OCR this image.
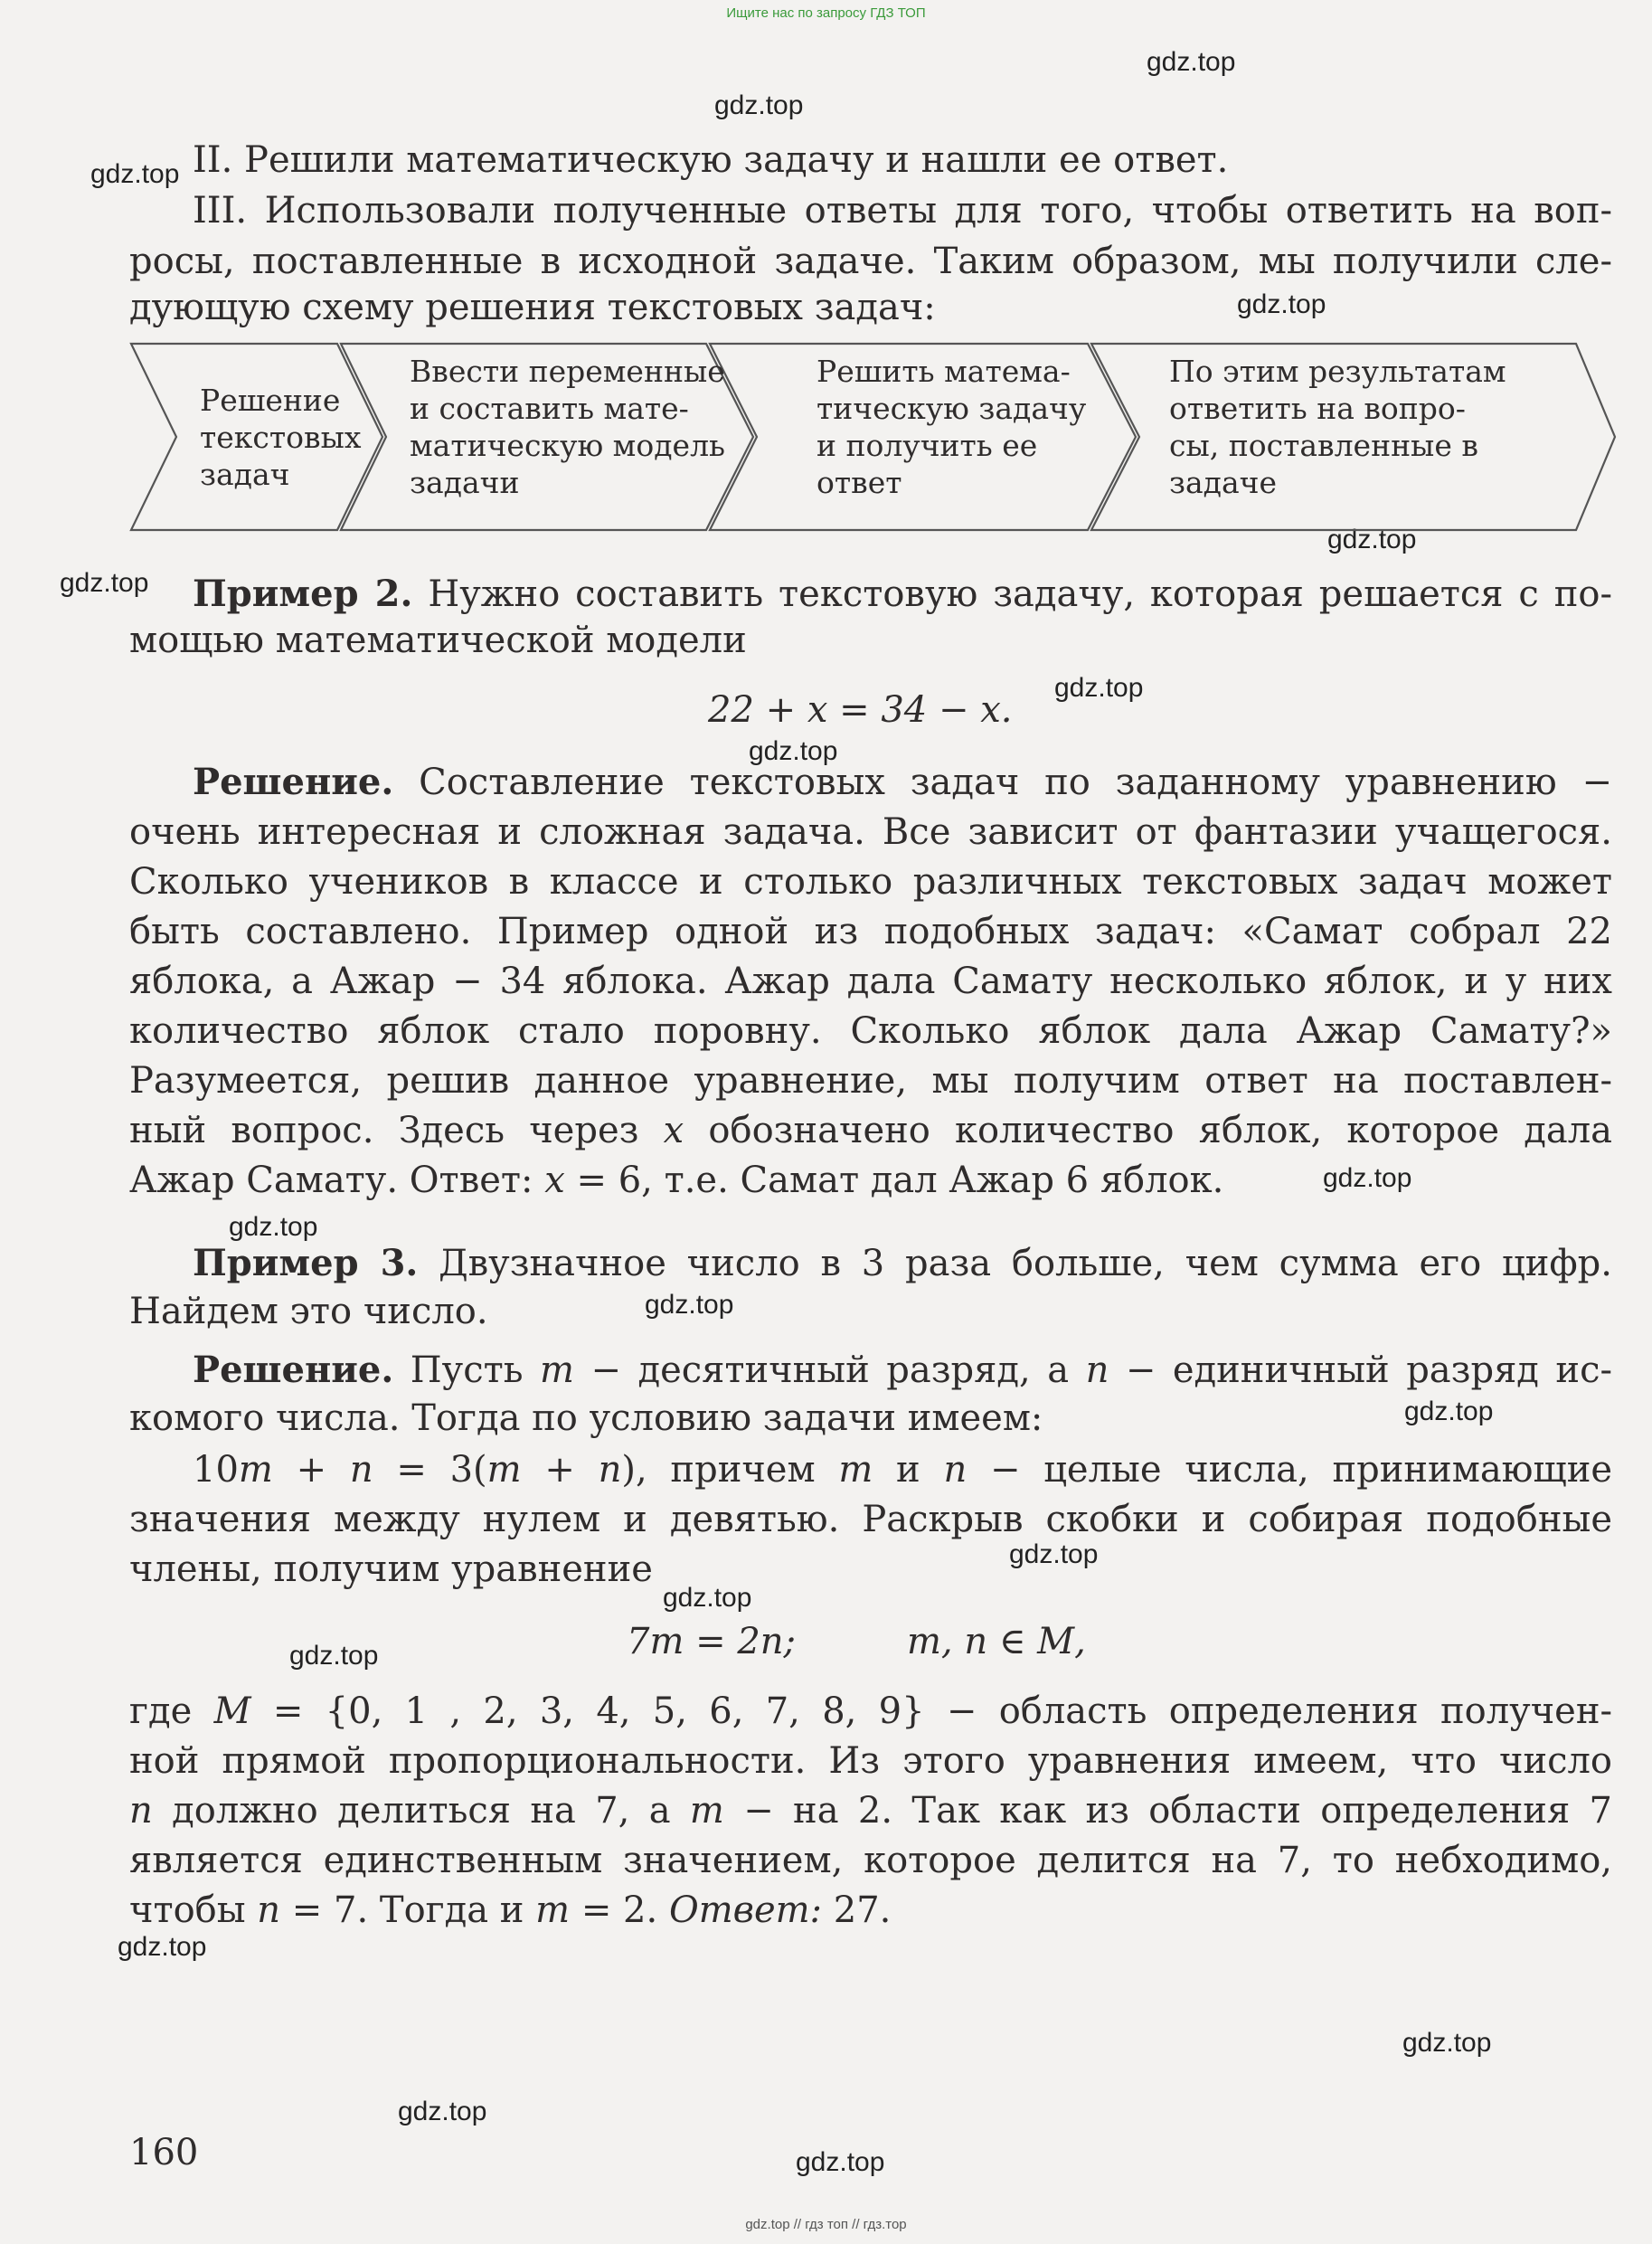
Ищите нас по запросу ГДЗ ТОП
gdz.top
gdz.top
gdz.top
gdz.top
gdz.top
gdz.top
gdz.top
gdz.top
gdz.top
gdz.top
gdz.top
gdz.top
gdz.top
gdz.top
gdz.top
gdz.top
gdz.top
gdz.top
gdz.top
II. Решили математическую задачу и нашли ее ответ.
III. Использовали полученные ответы для того, чтобы ответить на воп-
росы, поставленные в исходной задаче. Таким образом, мы получили сле-
дующую схему решения текстовых задач:
Решение
текстовых
задач
Ввести переменные
и составить мате-
матическую модель
задачи
Решить матема-
тическую задачу
и получить ее
ответ
По этим результатам
ответить на вопро-
сы, поставленные в
задаче
Пример 2. Нужно составить текстовую задачу, которая решается с по-
мощью математической модели
22 + x = 34 − x.
Решение. Составление текстовых задач по заданному уравнению −
очень интересная и сложная задача. Все зависит от фантазии учащегося.
Сколько учеников в классе и столько различных текстовых задач может
быть составлено. Пример одной из подобных задач: «Самат собрал 22
яблока, а Ажар − 34 яблока. Ажар дала Самату несколько яблок, и у них
количество яблок стало поровну. Сколько яблок дала Ажар Самату?»
Разумеется, решив данное уравнение, мы получим ответ на поставлен-
ный вопрос. Здесь через x обозначено количество яблок, которое дала
Ажар Самату. Ответ: x = 6, т.е. Самат дал Ажар 6 яблок.
Пример 3. Двузначное число в 3 раза больше, чем сумма его цифр.
Найдем это число.
Решение. Пусть m − десятичный разряд, а n − единичный разряд ис-
комого числа. Тогда по условию задачи имеем:
10m + n = 3(m + n), причем m и n − целые числа, принимающие
значения между нулем и девятью. Раскрыв скобки и собирая подобные
члены, получим уравнение
7m = 2n;	m, n ∈ M,
где M = {0, 1 , 2, 3, 4, 5, 6, 7, 8, 9} − область определения получен-
ной прямой пропорциональности. Из этого уравнения имеем, что число
n должно делиться на 7, а m − на 2. Так как из области определения 7
является единственным значением, которое делится на 7, то небходимо,
чтобы n = 7. Тогда и m = 2. Ответ: 27.
160
gdz.top // гдз топ // гдз.тор
